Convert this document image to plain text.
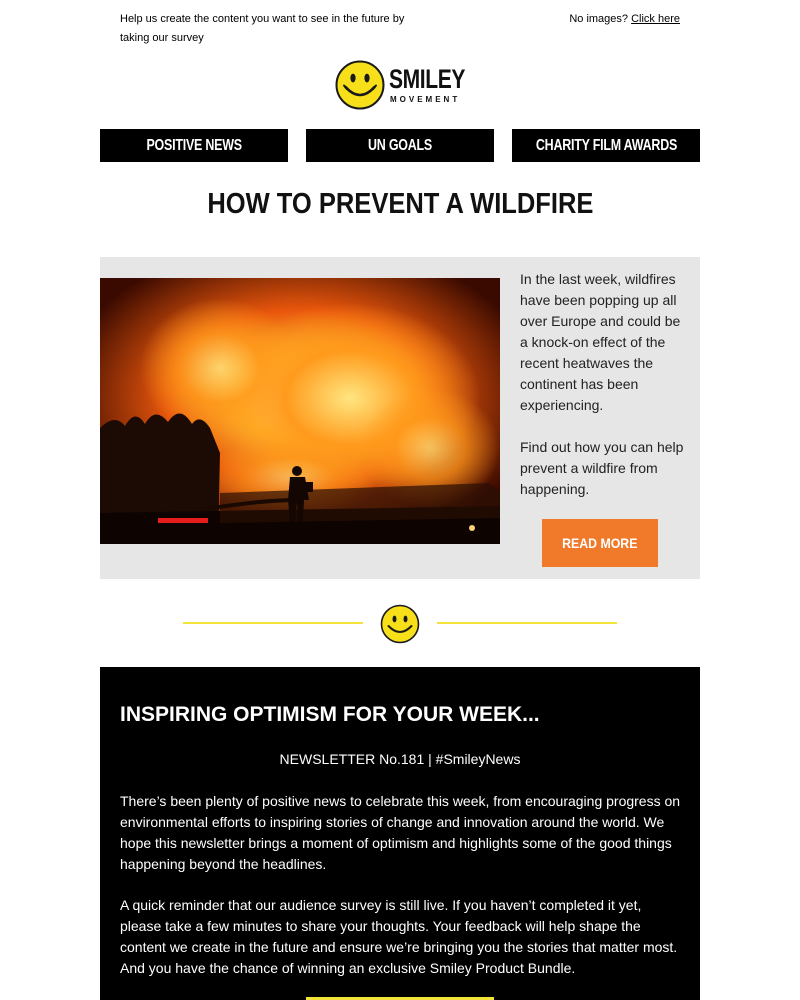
Help us create the content you want to see in the future by taking our survey
No images? Click here
SMILEY
MOVEMENT
POSITIVE NEWS	UN GOALS	CHARITY FILM AWARDS
HOW TO PREVENT A WILDFIRE

In the last week, wildfires have been popping up all over Europe and could be a knock-on effect of the recent heatwaves the continent has been experiencing.

Find out how you can help prevent a wildfire from happening.

READ MORE
INSPIRING OPTIMISM FOR YOUR WEEK...
NEWSLETTER No.181 | #SmileyNews
There’s been plenty of positive news to celebrate this week, from encouraging progress on environmental efforts to inspiring stories of change and innovation around the world. We hope this newsletter brings a moment of optimism and highlights some of the good things happening beyond the headlines.
A quick reminder that our audience survey is still live. If you haven’t completed it yet, please take a few minutes to share your thoughts. Your feedback will help shape the content we create in the future and ensure we’re bringing you the stories that matter most. And you have the chance of winning an exclusive Smiley Product Bundle.
